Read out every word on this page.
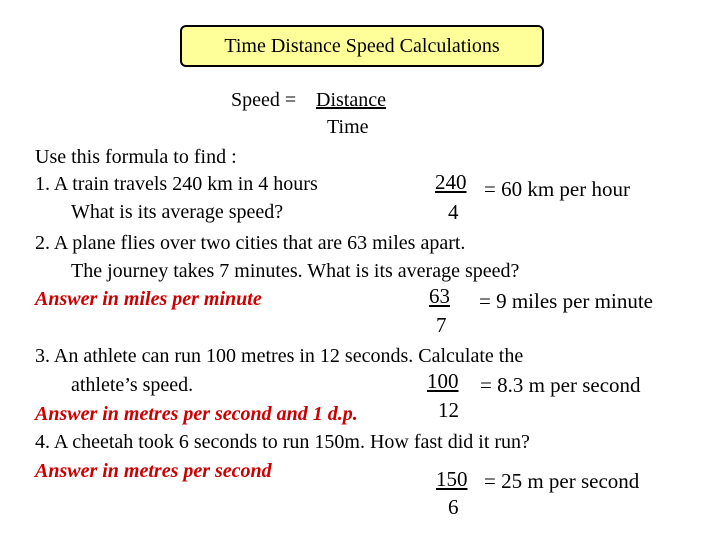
Time Distance Speed Calculations
Speed = Distance
Time
Use this formula to find :
1. A train travels 240 km in 4 hours
What is its average speed?
240
4
= 60 km per hour
2. A plane flies over two cities that are 63 miles apart.
The journey takes 7 minutes. What is its average speed?
Answer in miles per minute	63
7
= 9 miles per minute
3. An athlete can run 100 metres in 12 seconds. Calculate the
athlete’s speed.
Answer in metres per second and 1 d.p.
100
12
= 8.3 m per second
4. A cheetah took 6 seconds to run 150m. How fast did it run?
Answer in metres per second	150
6
= 25 m per second
